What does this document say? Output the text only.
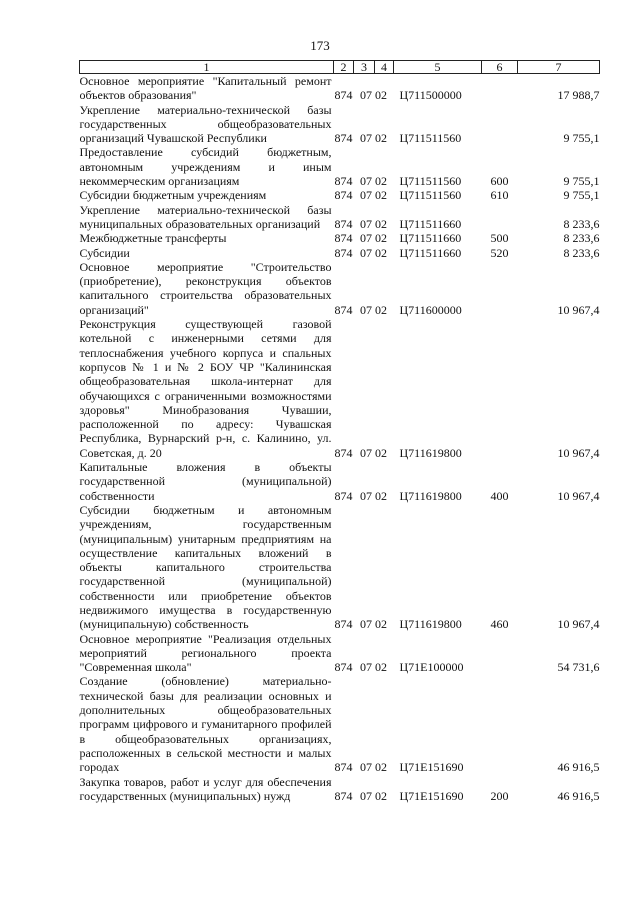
173
1	2	3	4	5	6	7
Основное мероприятие "Капитальный ремонт объектов образования"	874	07 02		Ц711500000		17 988,7
Укрепление материально-технической базы государственных общеобразовательных организаций Чувашской Республики	874	07 02		Ц711511560		9 755,1
Предоставление субсидий бюджетным, автономным учреждениям и иным некоммерческим организациям	874	07 02		Ц711511560	600	9 755,1
Субсидии бюджетным учреждениям	874	07 02		Ц711511560	610	9 755,1
Укрепление материально-технической базы муниципальных образовательных организаций	874	07 02		Ц711511660		8 233,6
Межбюджетные трансферты	874	07 02		Ц711511660	500	8 233,6
Субсидии	874	07 02		Ц711511660	520	8 233,6
Основное мероприятие "Строительство (приобретение), реконструкция объектов капитального строительства образовательных организаций"	874	07 02		Ц711600000		10 967,4
Реконструкция существующей газовой котельной с инженерными сетями для теплоснабжения учебного корпуса и спальных корпусов № 1 и № 2 БОУ ЧР "Калининская общеобразовательная школа-интернат для обучающихся с ограниченными возможностями здоровья" Минобразования Чувашии, расположенной по адресу: Чувашская Республика, Вурнарский р-н, с. Калинино, ул. Советская, д. 20	874	07 02		Ц711619800		10 967,4
Капитальные вложения в объекты государственной (муниципальной) собственности	874	07 02		Ц711619800	400	10 967,4
Субсидии бюджетным и автономным учреждениям, государственным (муниципальным) унитарным предприятиям на осуществление капитальных вложений в объекты капитального строительства государственной (муниципальной) собственности или приобретение объектов недвижимого имущества в государственную (муниципальную) собственность	874	07 02		Ц711619800	460	10 967,4
Основное мероприятие "Реализация отдельных мероприятий регионального проекта "Современная школа"	874	07 02		Ц71Е100000		54 731,6
Создание (обновление) материально-технической базы для реализации основных и дополнительных общеобразовательных программ цифрового и гуманитарного профилей в общеобразовательных организациях, расположенных в сельской местности и малых городах	874	07 02		Ц71Е151690		46 916,5
Закупка товаров, работ и услуг для обеспечения государственных (муниципальных) нужд	874	07 02		Ц71Е151690	200	46 916,5
